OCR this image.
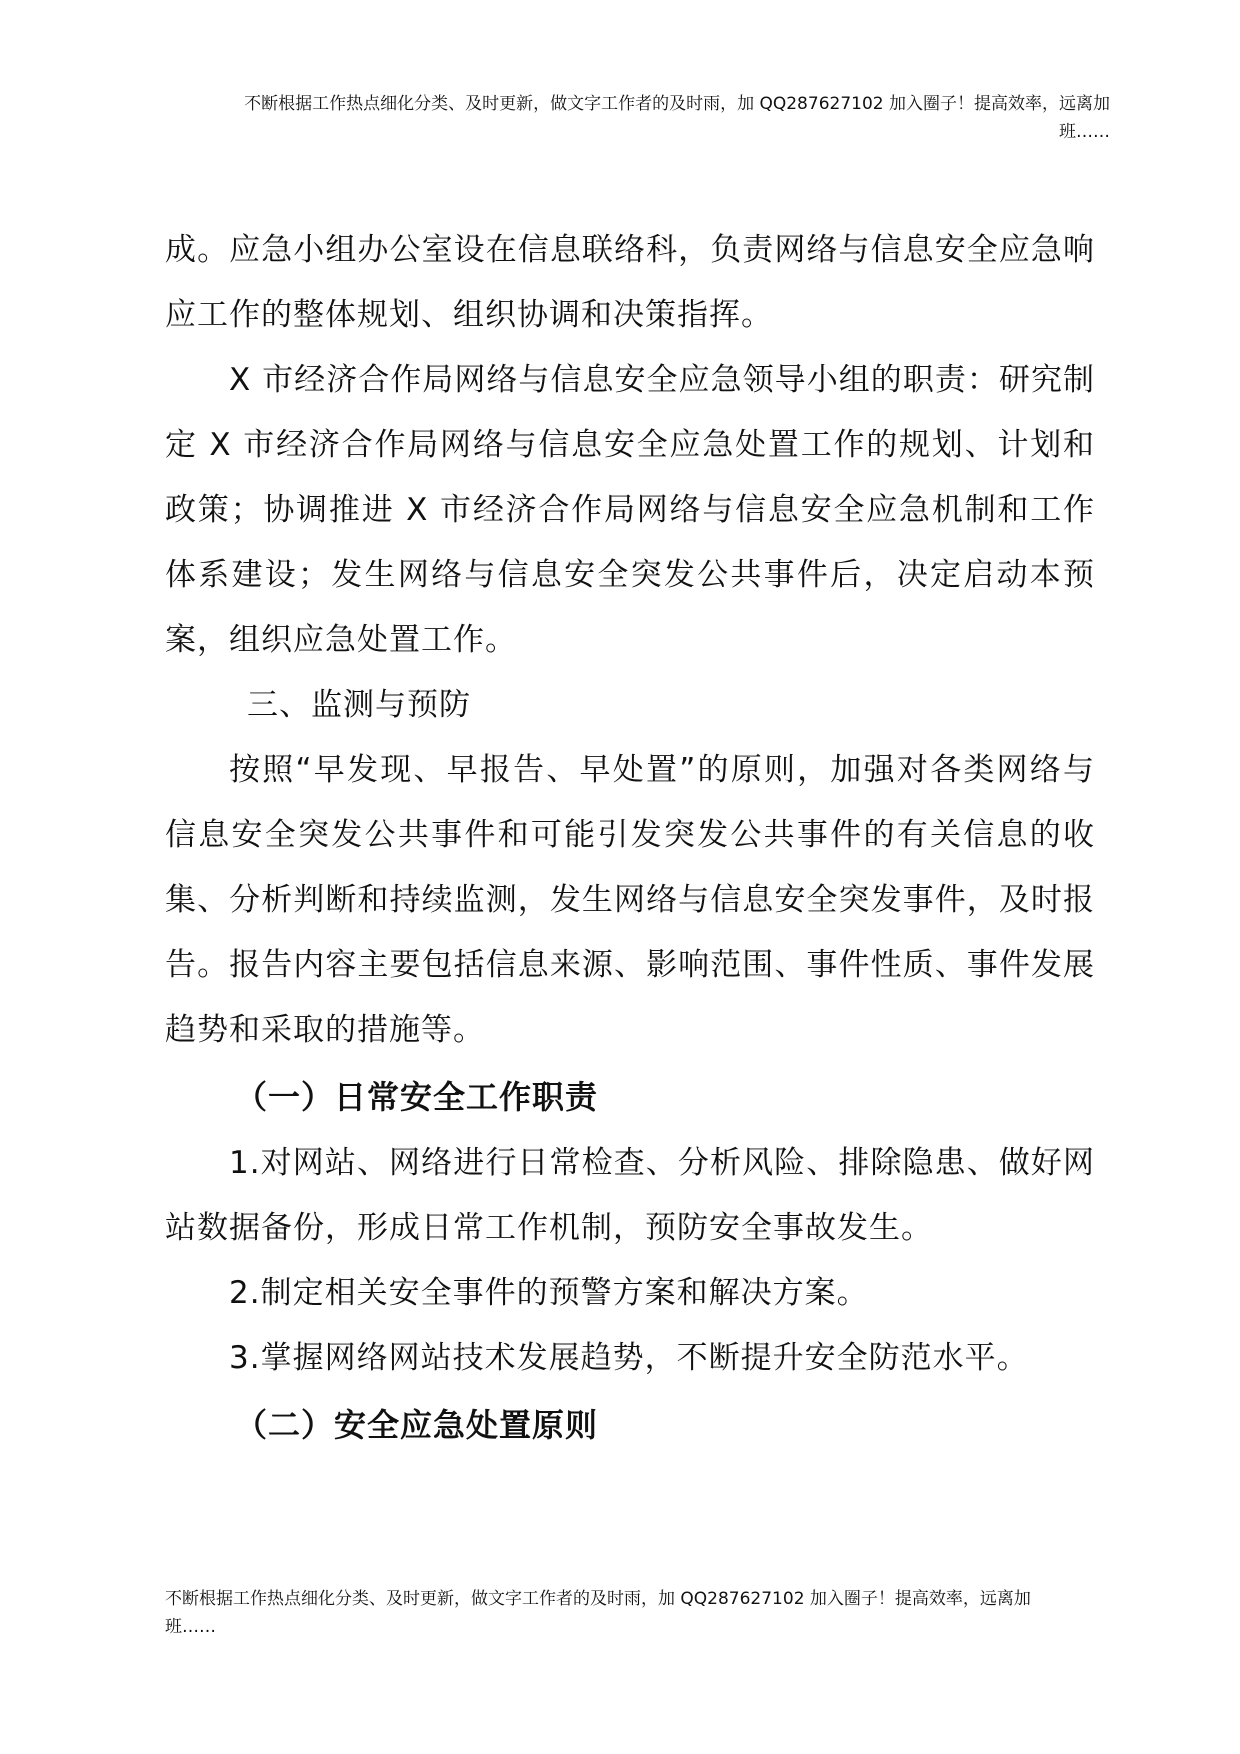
不断根据工作热点细化分类、及时更新，做文字工作者的及时雨，加 QQ287627102 加入圈子！提高效率，远离加
班……

成。应急小组办公室设在信息联络科，负责网络与信息安全应急响应工作的整体规划、组织协调和决策指挥。

X 市经济合作局网络与信息安全应急领导小组的职责：研究制定 X 市经济合作局网络与信息安全应急处置工作的规划、计划和政策；协调推进 X 市经济合作局网络与信息安全应急机制和工作体系建设；发生网络与信息安全突发公共事件后，决定启动本预案，组织应急处置工作。

三、监测与预防

按照“早发现、早报告、早处置”的原则，加强对各类网络与信息安全突发公共事件和可能引发突发公共事件的有关信息的收集、分析判断和持续监测，发生网络与信息安全突发事件，及时报告。报告内容主要包括信息来源、影响范围、事件性质、事件发展趋势和采取的措施等。

（一）日常安全工作职责

1.对网站、网络进行日常检查、分析风险、排除隐患、做好网站数据备份，形成日常工作机制，预防安全事故发生。

2.制定相关安全事件的预警方案和解决方案。

3.掌握网络网站技术发展趋势，不断提升安全防范水平。

（二）安全应急处置原则

不断根据工作热点细化分类、及时更新，做文字工作者的及时雨，加 QQ287627102 加入圈子！提高效率，远离加
班……
